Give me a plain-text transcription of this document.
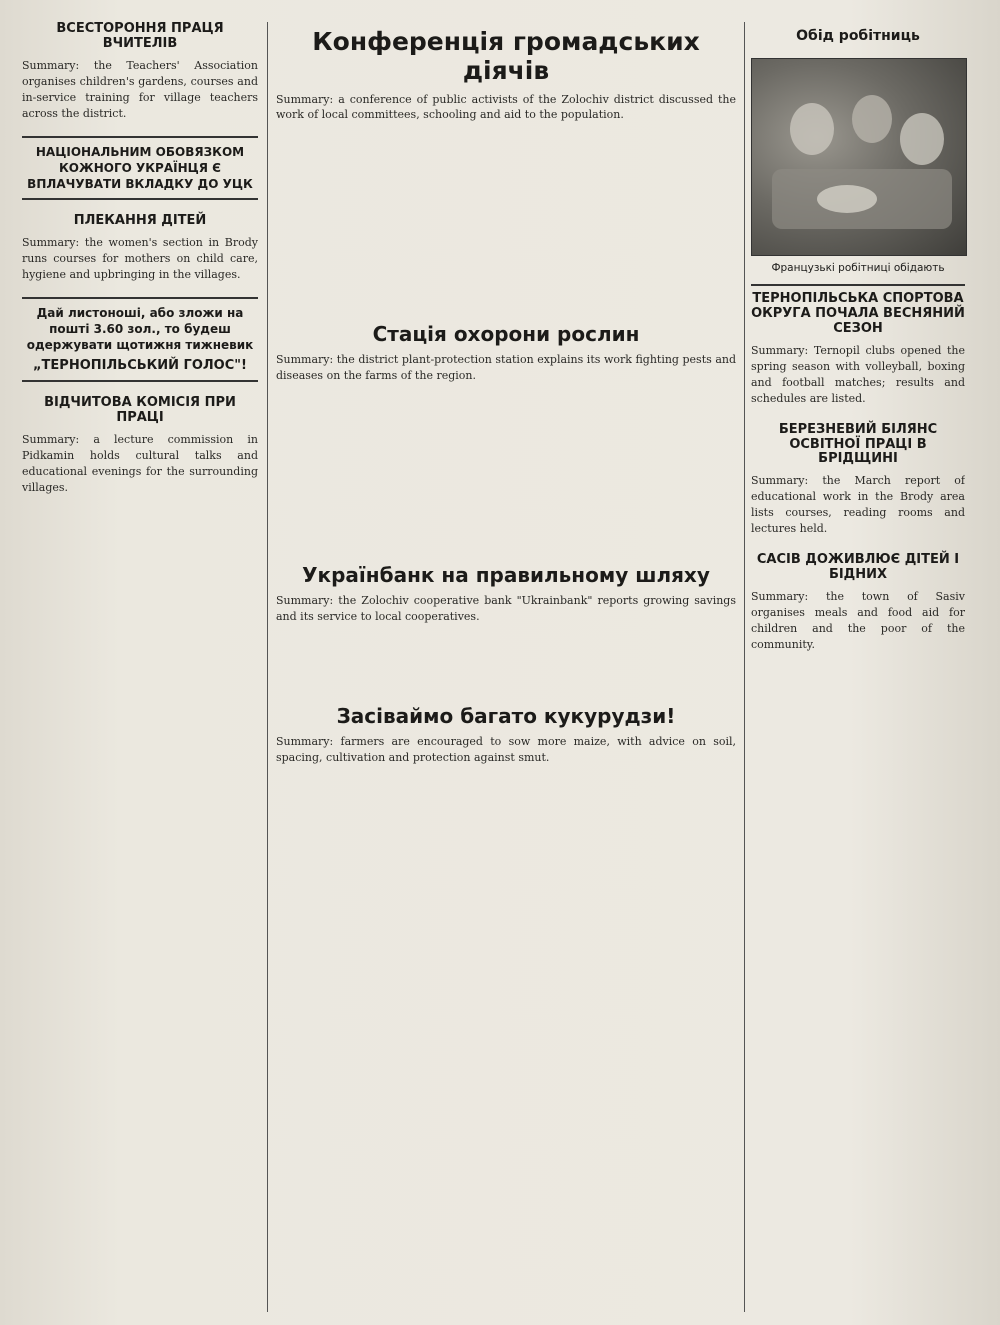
ВСЕСТОРОННЯ ПРАЦЯ ВЧИТЕЛІВ

Summary: the Teachers' Association organises children's gardens, courses and in-service training for village teachers across the district.

НАЦІОНАЛЬНИМ ОБОВЯЗКОМ КОЖНОГО УКРАЇНЦЯ Є ВПЛАЧУВАТИ ВКЛАДКУ ДО УЦК
ПЛЕКАННЯ ДІТЕЙ

Summary: the women's section in Brody runs courses for mothers on child care, hygiene and upbringing in the villages.

Дай листоноші, або зложи на пошті 3.60 зол., то будеш одержувати щотижня тижневик
„ТЕРНОПІЛЬСЬКИЙ ГОЛОС"!
ВІДЧИТОВА КОМІСІЯ ПРИ ПРАЦІ

Summary: a lecture commission in Pidkamin holds cultural talks and educational evenings for the surrounding villages.

Конференція громадських діячів

Summary: a conference of public activists of the Zolochiv district discussed the work of local committees, schooling and aid to the population.

Стація охорони рослин

Summary: the district plant-protection station explains its work fighting pests and diseases on the farms of the region.

Українбанк на правильному шляху

Summary: the Zolochiv cooperative bank "Ukrainbank" reports growing savings and its service to local cooperatives.

Засіваймо багато кукурудзи!

Summary: farmers are encouraged to sow more maize, with advice on soil, spacing, cultivation and protection against smut.

Обід робітниць
Французькі робітниці обідають
ТЕРНОПІЛЬСЬКА СПОРТОВА ОКРУГА ПОЧАЛА ВЕСНЯНИЙ СЕЗОН

Summary: Ternopil clubs opened the spring season with volleyball, boxing and football matches; results and schedules are listed.

БЕРЕЗНЕВИЙ БІЛЯНС ОСВІТНОЇ ПРАЦІ В БРІДЩИНІ

Summary: the March report of educational work in the Brody area lists courses, reading rooms and lectures held.

САСІВ ДОЖИВЛЮЄ ДІТЕЙ І БІДНИХ

Summary: the town of Sasiv organises meals and food aid for children and the poor of the community.
